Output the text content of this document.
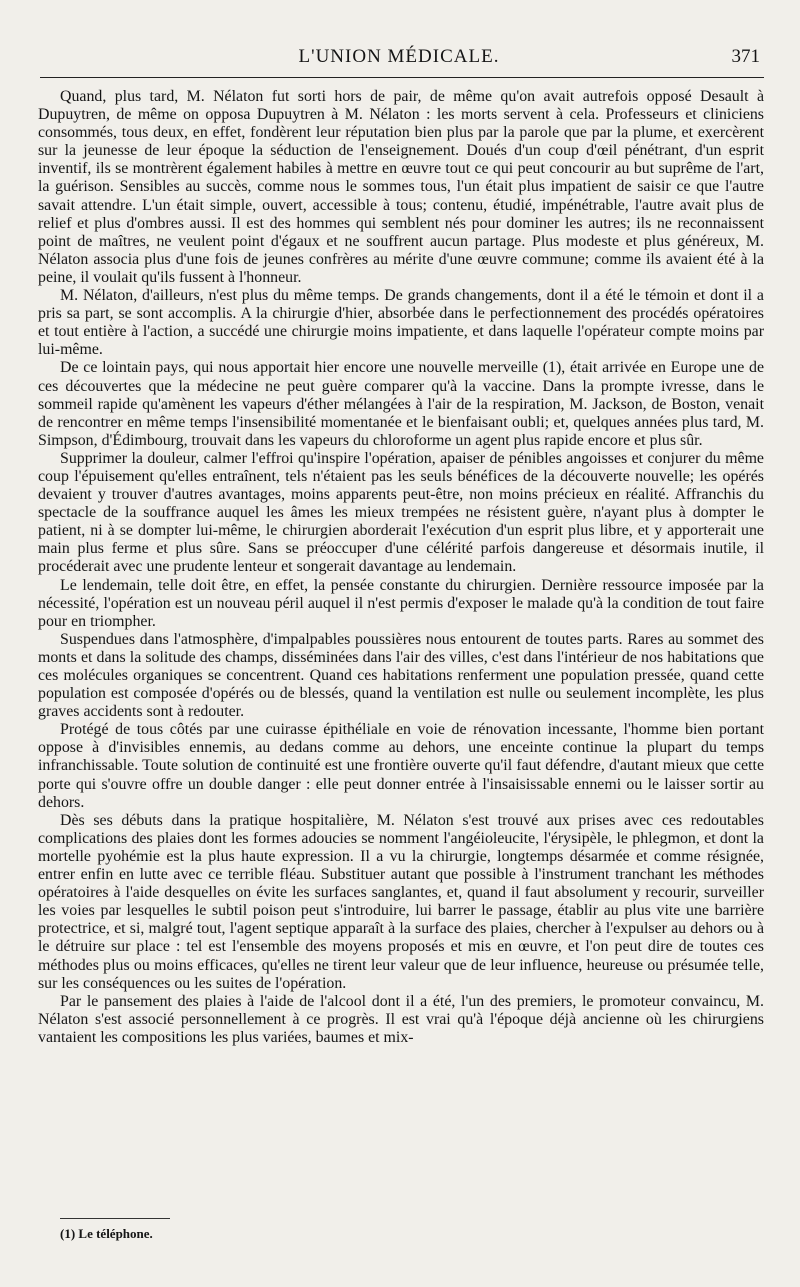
L'UNION MÉDICALE.	371

Quand, plus tard, M. Nélaton fut sorti hors de pair, de même qu'on avait autrefois opposé Desault à Dupuytren, de même on opposa Dupuytren à M. Nélaton : les morts servent à cela. Professeurs et cliniciens consommés, tous deux, en effet, fondèrent leur réputation bien plus par la parole que par la plume, et exercèrent sur la jeunesse de leur époque la séduction de l'enseignement. Doués d'un coup d'œil pénétrant, d'un esprit inventif, ils se montrèrent également habiles à mettre en œuvre tout ce qui peut concourir au but suprême de l'art, la guérison. Sensibles au succès, comme nous le sommes tous, l'un était plus impatient de saisir ce que l'autre savait attendre. L'un était simple, ouvert, accessible à tous; contenu, étudié, impénétrable, l'autre avait plus de relief et plus d'ombres aussi. Il est des hommes qui semblent nés pour dominer les autres; ils ne reconnaissent point de maîtres, ne veulent point d'égaux et ne souffrent aucun partage. Plus modeste et plus généreux, M. Nélaton associa plus d'une fois de jeunes confrères au mérite d'une œuvre commune; comme ils avaient été à la peine, il voulait qu'ils fussent à l'honneur.

M. Nélaton, d'ailleurs, n'est plus du même temps. De grands changements, dont il a été le témoin et dont il a pris sa part, se sont accomplis. A la chirurgie d'hier, absorbée dans le perfectionnement des procédés opératoires et tout entière à l'action, a succédé une chirurgie moins impatiente, et dans laquelle l'opérateur compte moins par lui-même.

De ce lointain pays, qui nous apportait hier encore une nouvelle merveille (1), était arrivée en Europe une de ces découvertes que la médecine ne peut guère comparer qu'à la vaccine. Dans la prompte ivresse, dans le sommeil rapide qu'amènent les vapeurs d'éther mélangées à l'air de la respiration, M. Jackson, de Boston, venait de rencontrer en même temps l'insensibilité momentanée et le bienfaisant oubli; et, quelques années plus tard, M. Simpson, d'Édimbourg, trouvait dans les vapeurs du chloroforme un agent plus rapide encore et plus sûr.

Supprimer la douleur, calmer l'effroi qu'inspire l'opération, apaiser de pénibles angoisses et conjurer du même coup l'épuisement qu'elles entraînent, tels n'étaient pas les seuls bénéfices de la découverte nouvelle; les opérés devaient y trouver d'autres avantages, moins apparents peut-être, non moins précieux en réalité. Affranchis du spectacle de la souffrance auquel les âmes les mieux trempées ne résistent guère, n'ayant plus à dompter le patient, ni à se dompter lui-même, le chirurgien aborderait l'exécution d'un esprit plus libre, et y apporterait une main plus ferme et plus sûre. Sans se préoccuper d'une célérité parfois dangereuse et désormais inutile, il procéderait avec une prudente lenteur et songerait davantage au lendemain.

Le lendemain, telle doit être, en effet, la pensée constante du chirurgien. Dernière ressource imposée par la nécessité, l'opération est un nouveau péril auquel il n'est permis d'exposer le malade qu'à la condition de tout faire pour en triompher.

Suspendues dans l'atmosphère, d'impalpables poussières nous entourent de toutes parts. Rares au sommet des monts et dans la solitude des champs, disséminées dans l'air des villes, c'est dans l'intérieur de nos habitations que ces molécules organiques se concentrent. Quand ces habitations renferment une population pressée, quand cette population est composée d'opérés ou de blessés, quand la ventilation est nulle ou seulement incomplète, les plus graves accidents sont à redouter.

Protégé de tous côtés par une cuirasse épithéliale en voie de rénovation incessante, l'homme bien portant oppose à d'invisibles ennemis, au dedans comme au dehors, une enceinte continue la plupart du temps infranchissable. Toute solution de continuité est une frontière ouverte qu'il faut défendre, d'autant mieux que cette porte qui s'ouvre offre un double danger : elle peut donner entrée à l'insaisissable ennemi ou le laisser sortir au dehors.

Dès ses débuts dans la pratique hospitalière, M. Nélaton s'est trouvé aux prises avec ces redoutables complications des plaies dont les formes adoucies se nomment l'angéioleucite, l'érysipèle, le phlegmon, et dont la mortelle pyohémie est la plus haute expression. Il a vu la chirurgie, longtemps désarmée et comme résignée, entrer enfin en lutte avec ce terrible fléau. Substituer autant que possible à l'instrument tranchant les méthodes opératoires à l'aide desquelles on évite les surfaces sanglantes, et, quand il faut absolument y recourir, surveiller les voies par lesquelles le subtil poison peut s'introduire, lui barrer le passage, établir au plus vite une barrière protectrice, et si, malgré tout, l'agent septique apparaît à la surface des plaies, chercher à l'expulser au dehors ou à le détruire sur place : tel est l'ensemble des moyens proposés et mis en œuvre, et l'on peut dire de toutes ces méthodes plus ou moins efficaces, qu'elles ne tirent leur valeur que de leur influence, heureuse ou présumée telle, sur les conséquences ou les suites de l'opération.

Par le pansement des plaies à l'aide de l'alcool dont il a été, l'un des premiers, le promoteur convaincu, M. Nélaton s'est associé personnellement à ce progrès. Il est vrai qu'à l'époque déjà ancienne où les chirurgiens vantaient les compositions les plus variées, baumes et mix-

(1) Le téléphone.
